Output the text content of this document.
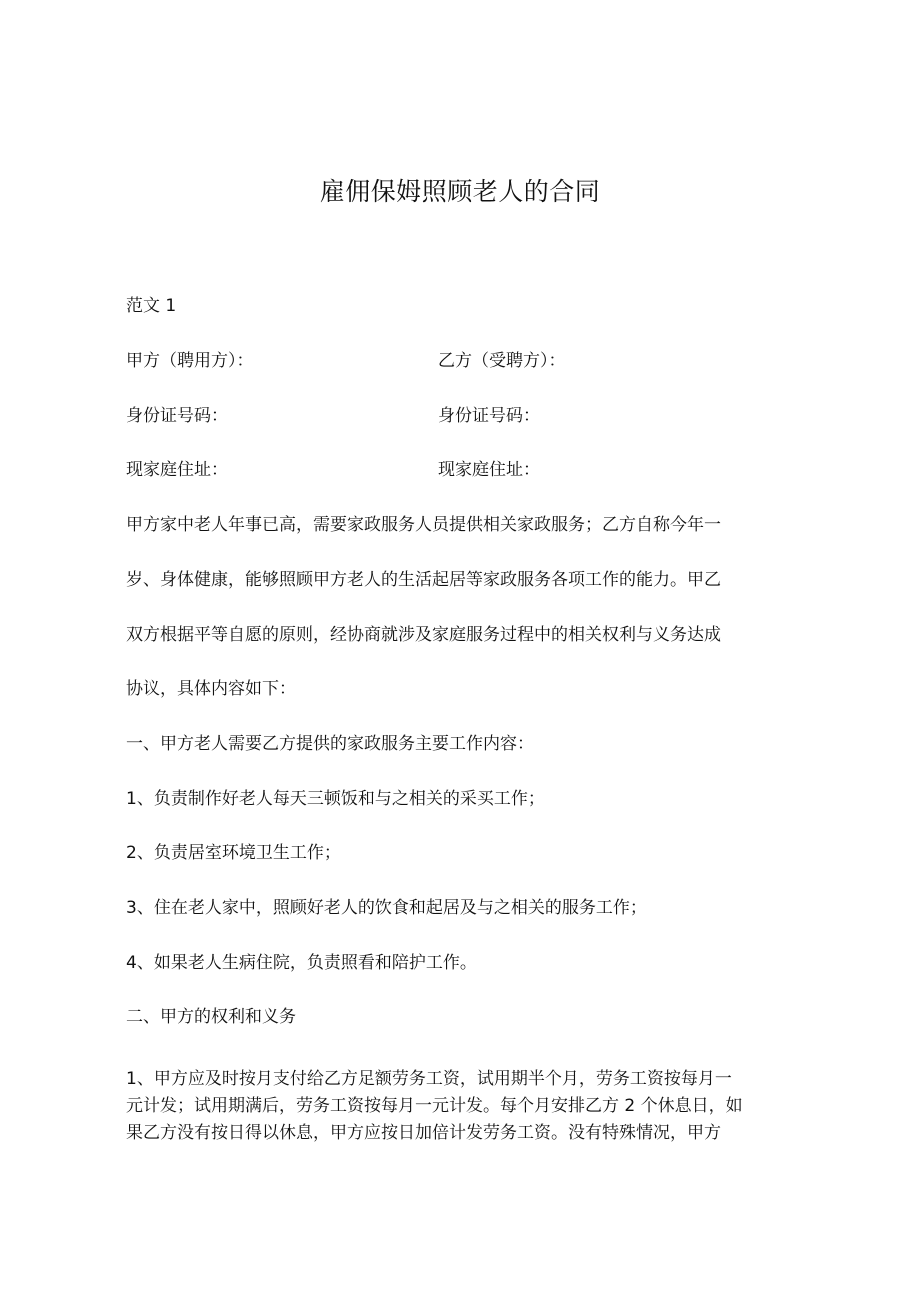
雇佣保姆照顾老人的合同
范文 1
甲方（聘用方）：	乙方（受聘方）：
身份证号码：	身份证号码：
现家庭住址：	现家庭住址：
甲方家中老人年事已高，需要家政服务人员提供相关家政服务；乙方自称今年一
岁、身体健康，能够照顾甲方老人的生活起居等家政服务各项工作的能力。甲乙
双方根据平等自愿的原则，经协商就涉及家庭服务过程中的相关权利与义务达成
协议，具体内容如下：
一、甲方老人需要乙方提供的家政服务主要工作内容：
1、负责制作好老人每天三顿饭和与之相关的采买工作；
2、负责居室环境卫生工作；
3、住在老人家中，照顾好老人的饮食和起居及与之相关的服务工作；
4、如果老人生病住院，负责照看和陪护工作。
二、甲方的权利和义务
1、甲方应及时按月支付给乙方足额劳务工资，试用期半个月，劳务工资按每月一
元计发；试用期满后，劳务工资按每月一元计发。每个月安排乙方 2 个休息日，如
果乙方没有按日得以休息，甲方应按日加倍计发劳务工资。没有特殊情况，甲方
